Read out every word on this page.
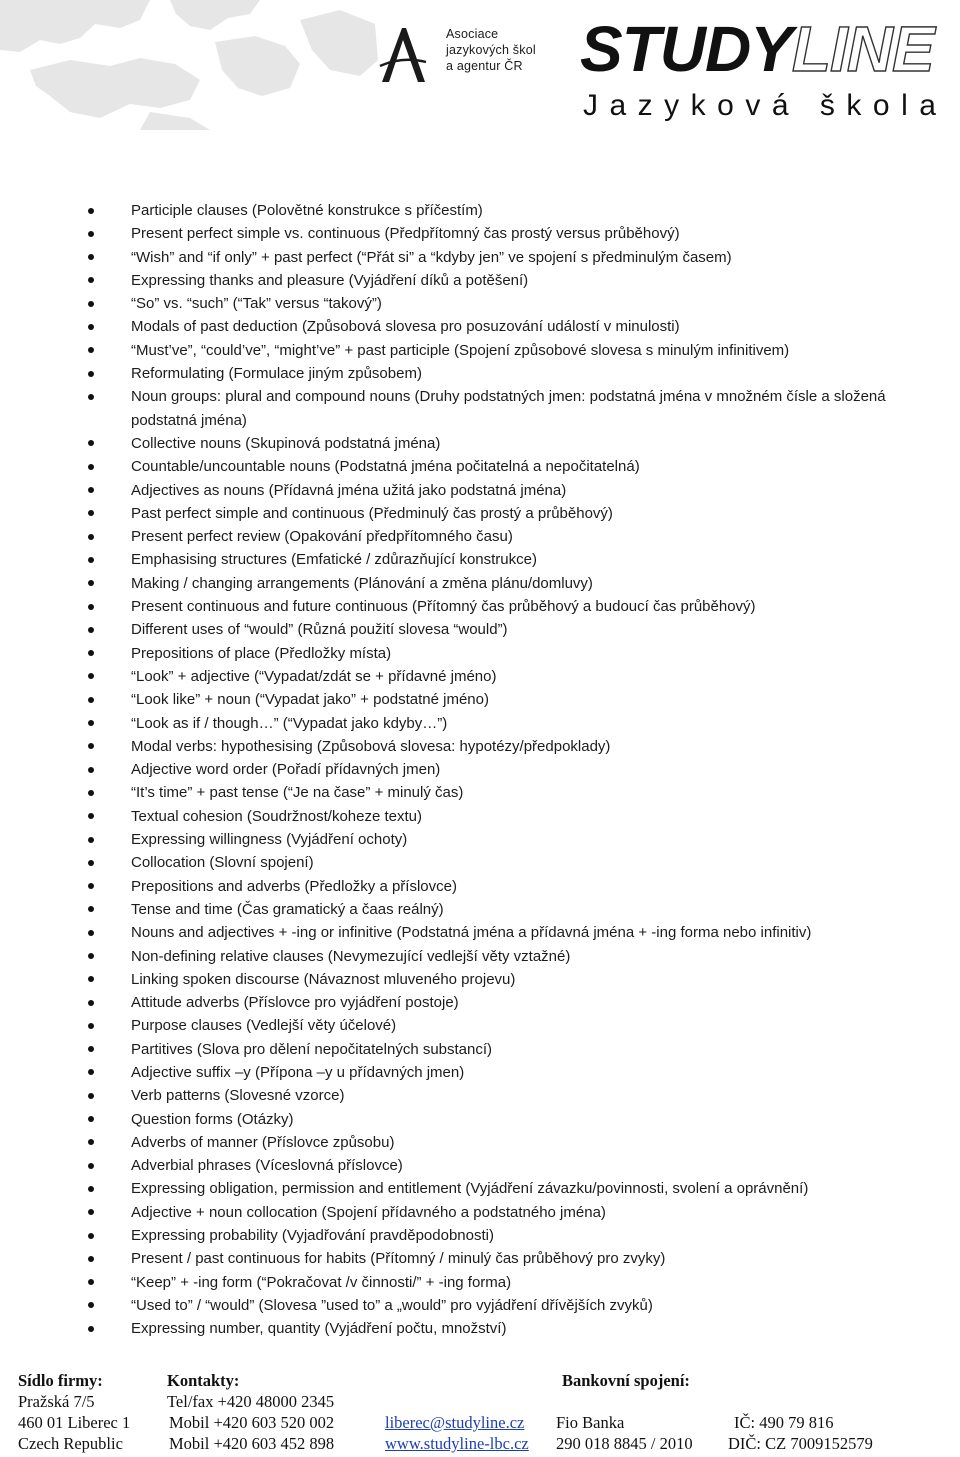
Asociace
jazykových škol
a agentur ČR STUDYLINE
Jazyková škola
Participle clauses (Polovětné konstrukce s příčestím)
Present perfect simple vs. continuous (Předpřítomný čas prostý versus průběhový)
“Wish” and “if only” + past perfect (“Přát si” a “kdyby jen” ve spojení s předminulým časem)
Expressing thanks and pleasure (Vyjádření díků a potěšení)
“So” vs. “such” (“Tak” versus “takový”)
Modals of past deduction (Způsobová slovesa pro posuzování událostí v minulosti)
“Must’ve”, “could’ve”, “might’ve” + past participle (Spojení způsobové slovesa s minulým infinitivem)
Reformulating (Formulace jiným způsobem)
Noun groups: plural and compound nouns (Druhy podstatných jmen: podstatná jména v množném čísle a složená podstatná jména)
Collective nouns (Skupinová podstatná jména)
Countable/uncountable nouns (Podstatná jména počitatelná a nepočitatelná)
Adjectives as nouns (Přídavná jména užitá jako podstatná jména)
Past perfect simple and continuous (Předminulý čas prostý a průběhový)
Present perfect review (Opakování předpřítomného času)
Emphasising structures (Emfatické / zdůrazňující konstrukce)
Making / changing arrangements (Plánování a změna plánu/domluvy)
Present continuous and future continuous (Přítomný čas průběhový a budoucí čas průběhový)
Different uses of “would” (Různá použití slovesa “would”)
Prepositions of place (Předložky místa)
“Look” + adjective (“Vypadat/zdát se + přídavné jméno)
“Look like” + noun (“Vypadat jako” + podstatné jméno)
“Look as if / though…” (“Vypadat jako kdyby…”)
Modal verbs: hypothesising (Způsobová slovesa: hypotézy/předpoklady)
Adjective word order (Pořadí přídavných jmen)
“It’s time” + past tense (“Je na čase” + minulý čas)
Textual cohesion (Soudržnost/koheze textu)
Expressing willingness (Vyjádření ochoty)
Collocation (Slovní spojení)
Prepositions and adverbs (Předložky a příslovce)
Tense and time (Čas gramatický a čaas reálný)
Nouns and adjectives + -ing or infinitive (Podstatná jména a přídavná jména + -ing forma nebo infinitiv)
Non-defining relative clauses (Nevymezující vedlejší věty vztažné)
Linking spoken discourse (Návaznost mluveného projevu)
Attitude adverbs (Příslovce pro vyjádření postoje)
Purpose clauses (Vedlejší věty účelové)
Partitives (Slova pro dělení nepočitatelných substancí)
Adjective suffix –y (Přípona –y u přídavných jmen)
Verb patterns (Slovesné vzorce)
Question forms (Otázky)
Adverbs of manner (Příslovce způsobu)
Adverbial phrases (Víceslovná příslovce)
Expressing obligation, permission and entitlement (Vyjádření závazku/povinnosti, svolení a oprávnění)
Adjective + noun collocation (Spojení přídavného a podstatného jména)
Expressing probability (Vyjadřování pravděpodobnosti)
Present / past continuous for habits (Přítomný / minulý čas průběhový pro zvyky)
“Keep” + -ing form (“Pokračovat /v činnosti/” + -ing forma)
“Used to” / “would” (Slovesa ”used to” a „would” pro vyjádření dřívějších zvyků)
Expressing number, quantity (Vyjádření počtu, množství)
Sídlo firmy:
Pražská 7/5
460 01 Liberec 1
Czech Republic
Kontakty:
Tel/fax +420 48000 2345
Mobil +420 603 520 002
Mobil +420 603 452 898
liberec@studyline.cz
www.studyline-lbc.cz
Bankovní spojení:
Fio Banka
290 018 8845 / 2010
IČ: 490 79 816
DIČ: CZ 7009152579
